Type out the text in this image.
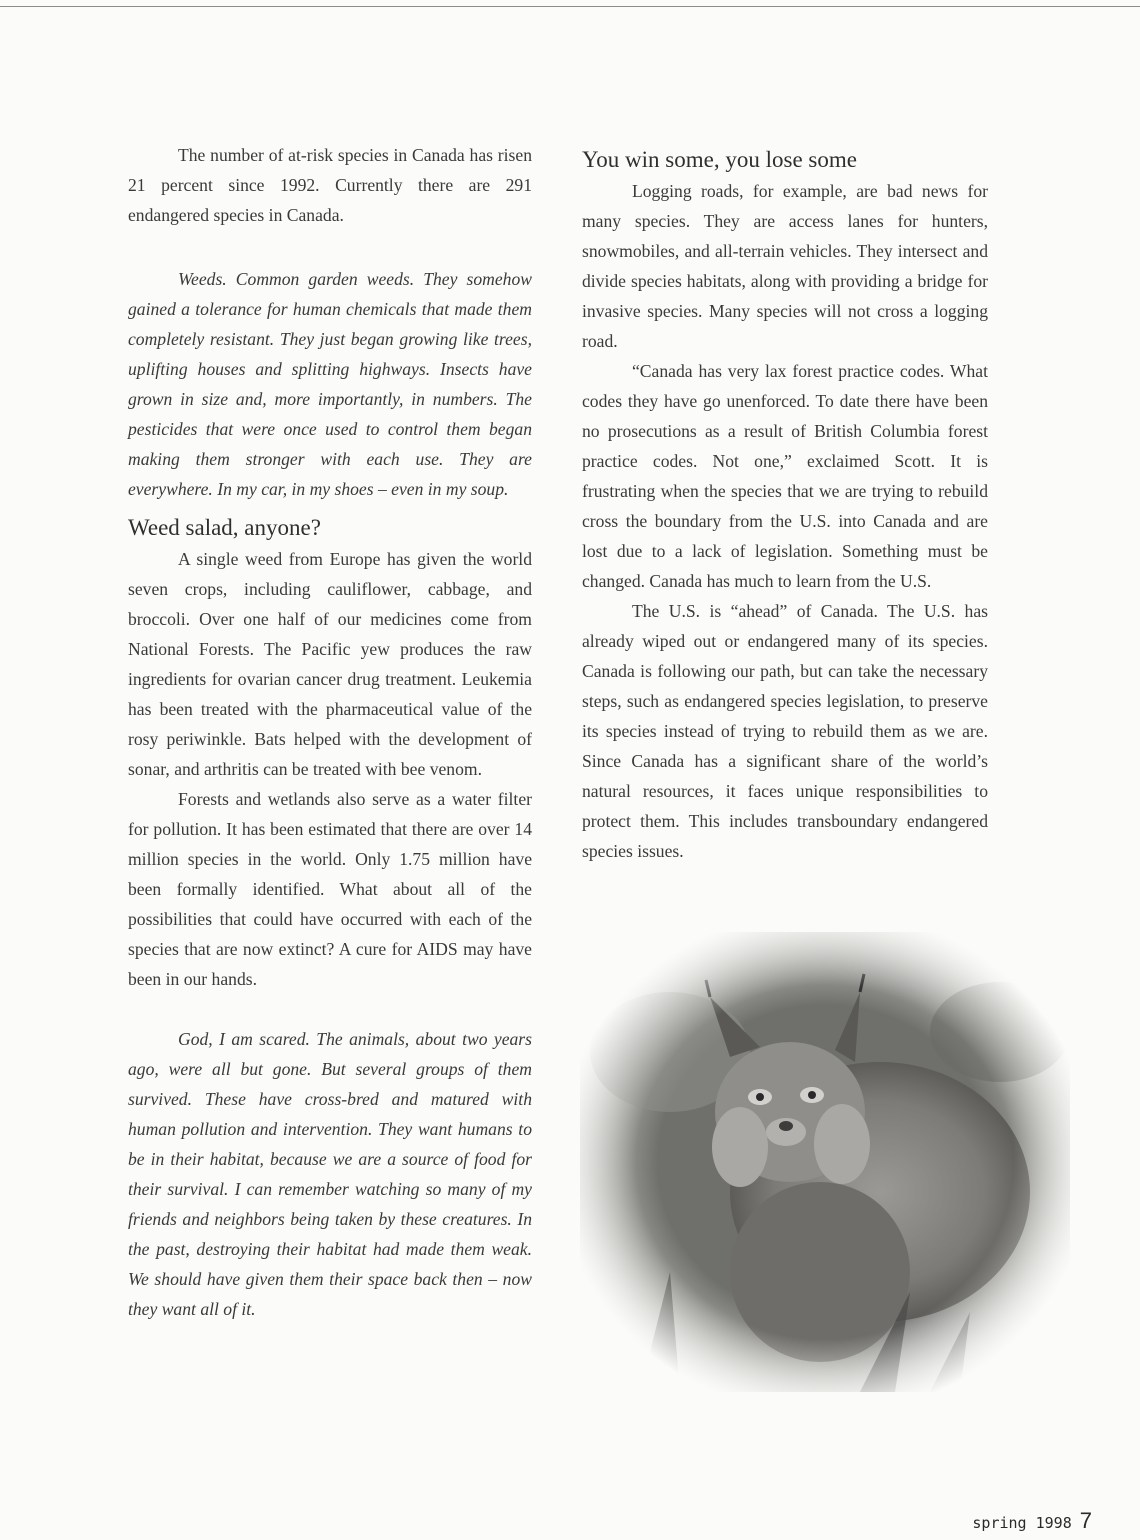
The number of at-risk species in Canada has risen 21 percent since 1992. Currently there are 291 endangered species in Canada.

Weeds. Common garden weeds. They somehow gained a tolerance for human chemicals that made them completely resistant. They just began growing like trees, uplifting houses and splitting highways. Insects have grown in size and, more importantly, in numbers. The pesticides that were once used to control them began making them stronger with each use. They are everywhere. In my car, in my shoes – even in my soup.

Weed salad, anyone?

A single weed from Europe has given the world seven crops, including cauliflower, cabbage, and broccoli. Over one half of our medicines come from National Forests. The Pacific yew produces the raw ingredients for ovarian cancer drug treatment. Leukemia has been treated with the pharmaceutical value of the rosy periwinkle. Bats helped with the development of sonar, and arthritis can be treated with bee venom.

Forests and wetlands also serve as a water filter for pollution. It has been estimated that there are over 14 million species in the world. Only 1.75 million have been formally identified. What about all of the possibilities that could have occurred with each of the species that are now extinct? A cure for AIDS may have been in our hands.

God, I am scared. The animals, about two years ago, were all but gone. But several groups of them survived. These have cross-bred and matured with human pollution and intervention. They want humans to be in their habitat, because we are a source of food for their survival. I can remember watching so many of my friends and neighbors being taken by these creatures. In the past, destroying their habitat had made them weak. We should have given them their space back then – now they want all of it.

You win some, you lose some

Logging roads, for example, are bad news for many species. They are access lanes for hunters, snowmobiles, and all-terrain vehicles. They intersect and divide species habitats, along with providing a bridge for invasive species. Many species will not cross a logging road.

“Canada has very lax forest practice codes. What codes they have go unenforced. To date there have been no prosecutions as a result of British Columbia forest practice codes. Not one,” exclaimed Scott. It is frustrating when the species that we are trying to rebuild cross the boundary from the U.S. into Canada and are lost due to a lack of legislation. Something must be changed. Canada has much to learn from the U.S.

The U.S. is “ahead” of Canada. The U.S. has already wiped out or endangered many of its species. Canada is following our path, but can take the necessary steps, such as endangered species legislation, to preserve its species instead of trying to rebuild them as we are. Since Canada has a significant share of the world’s natural resources, it faces unique responsibilities to protect them. This includes transboundary endangered species issues.

spring 1998 7
